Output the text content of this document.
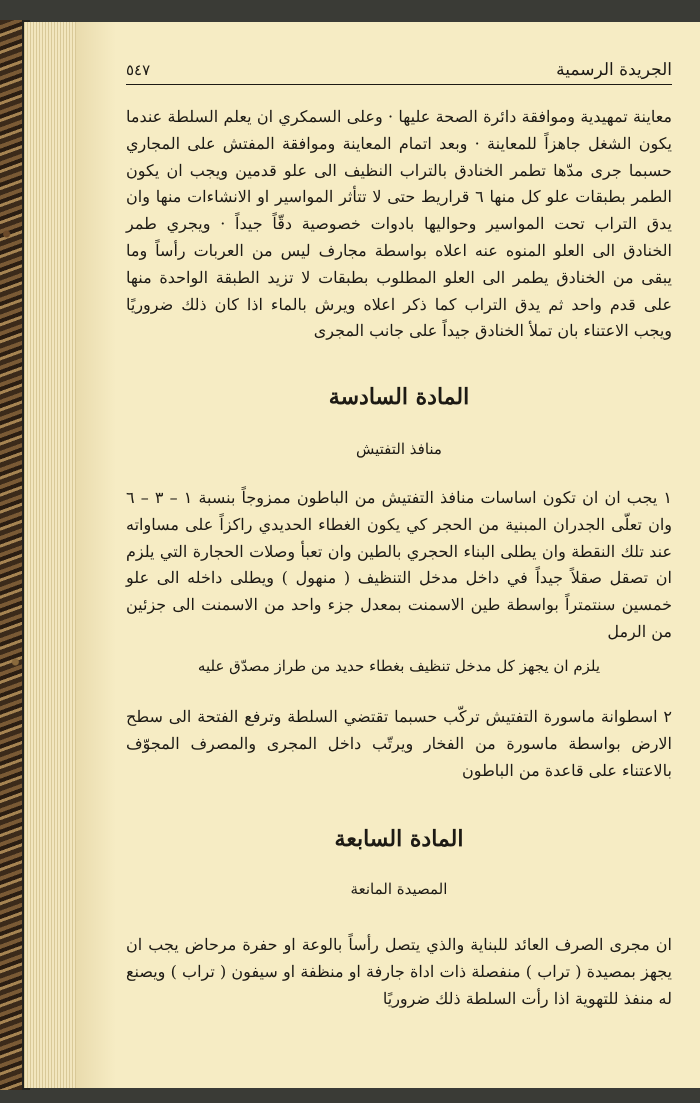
٥٤٧	الجريدة الرسمية
معاينة تمهيدية وموافقة دائرة الصحة عليها · وعلى السمكري ان يعلم السلطة عندما يكون الشغل جاهزاً للمعاينة · وبعد اتمام المعاينة وموافقة المفتش على المجاري حسبما جرى مدّها تطمر الخنادق بالتراب النظيف الى علو قدمين ويجب ان يكون الطمر بطبقات علو كل منها ٦ قراريط حتى لا تتأثر المواسير او الانشاءات منها وان يدق التراب تحت المواسير وحواليها بادوات خصوصية دقّاً جيداً · ويجري طمر الخنادق الى العلو المنوه عنه اعلاه بواسطة مجارف ليس من العربات رأساً وما يبقى من الخنادق يطمر الى العلو المطلوب بطبقات لا تزيد الطبقة الواحدة منها على قدم واحد ثم يدق التراب كما ذكر اعلاه ويرش بالماء اذا كان ذلك ضروريًا ويجب الاعتناء بان تملأ الخنادق جيداً على جانب المجرى
المادة السادسة
منافذ التفتيش
١ يجب ان ان تكون اساسات منافذ التفتيش من الباطون ممزوجاً بنسبة ١ – ٣ – ٦ وان تعلّى الجدران المبنية من الحجر كي يكون الغطاء الحديدي راكزاً على مساواته عند تلك النقطة وان يطلى البناء الحجري بالطين وان تعبأ وصلات الحجارة التي يلزم ان تصقل صقلاً جيداً في داخل مدخل التنظيف ( منهول ) ويطلى داخله الى علو خمسين سنتمتراً بواسطة طين الاسمنت بمعدل جزء واحد من الاسمنت الى جزئين من الرمل
يلزم ان يجهز كل مدخل تنظيف بغطاء حديد من طراز مصدّق عليه
٢ اسطوانة ماسورة التفتيش تركّب حسبما تقتضي السلطة وترفع الفتحة الى سطح الارض بواسطة ماسورة من الفخار ويرتّب داخل المجرى والمصرف المجوّف بالاعتناء على قاعدة من الباطون
المادة السابعة
المصيدة المانعة
ان مجرى الصرف العائد للبناية والذي يتصل رأساً بالوعة او حفرة مرحاض يجب ان يجهز بمصيدة ( تراب ) منفصلة ذات اداة جارفة او منظفة او سيفون ( تراب ) ويصنع له منفذ للتهوية اذا رأت السلطة ذلك ضروريًا
